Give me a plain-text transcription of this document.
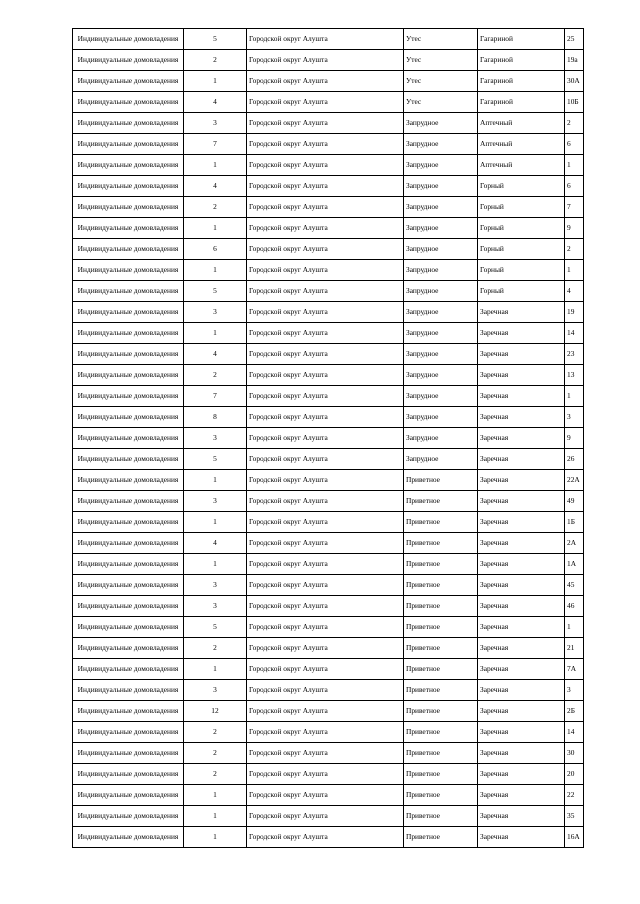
Индивидуальные домовладения	5	Городской округ Алушта	Утес	Гагариной	25
Индивидуальные домовладения	2	Городской округ Алушта	Утес	Гагариной	19а
Индивидуальные домовладения	1	Городской округ Алушта	Утес	Гагариной	30А
Индивидуальные домовладения	4	Городской округ Алушта	Утес	Гагариной	10Б
Индивидуальные домовладения	3	Городской округ Алушта	Запрудное	Аптечный	2
Индивидуальные домовладения	7	Городской округ Алушта	Запрудное	Аптечный	6
Индивидуальные домовладения	1	Городской округ Алушта	Запрудное	Аптечный	1
Индивидуальные домовладения	4	Городской округ Алушта	Запрудное	Горный	6
Индивидуальные домовладения	2	Городской округ Алушта	Запрудное	Горный	7
Индивидуальные домовладения	1	Городской округ Алушта	Запрудное	Горный	9
Индивидуальные домовладения	6	Городской округ Алушта	Запрудное	Горный	2
Индивидуальные домовладения	1	Городской округ Алушта	Запрудное	Горный	1
Индивидуальные домовладения	5	Городской округ Алушта	Запрудное	Горный	4
Индивидуальные домовладения	3	Городской округ Алушта	Запрудное	Заречная	19
Индивидуальные домовладения	1	Городской округ Алушта	Запрудное	Заречная	14
Индивидуальные домовладения	4	Городской округ Алушта	Запрудное	Заречная	23
Индивидуальные домовладения	2	Городской округ Алушта	Запрудное	Заречная	13
Индивидуальные домовладения	7	Городской округ Алушта	Запрудное	Заречная	1
Индивидуальные домовладения	8	Городской округ Алушта	Запрудное	Заречная	3
Индивидуальные домовладения	3	Городской округ Алушта	Запрудное	Заречная	9
Индивидуальные домовладения	5	Городской округ Алушта	Запрудное	Заречная	26
Индивидуальные домовладения	1	Городской округ Алушта	Приветное	Заречная	22А
Индивидуальные домовладения	3	Городской округ Алушта	Приветное	Заречная	49
Индивидуальные домовладения	1	Городской округ Алушта	Приветное	Заречная	1Б
Индивидуальные домовладения	4	Городской округ Алушта	Приветное	Заречная	2А
Индивидуальные домовладения	1	Городской округ Алушта	Приветное	Заречная	1А
Индивидуальные домовладения	3	Городской округ Алушта	Приветное	Заречная	45
Индивидуальные домовладения	3	Городской округ Алушта	Приветное	Заречная	46
Индивидуальные домовладения	5	Городской округ Алушта	Приветное	Заречная	1
Индивидуальные домовладения	2	Городской округ Алушта	Приветное	Заречная	21
Индивидуальные домовладения	1	Городской округ Алушта	Приветное	Заречная	7А
Индивидуальные домовладения	3	Городской округ Алушта	Приветное	Заречная	3
Индивидуальные домовладения	12	Городской округ Алушта	Приветное	Заречная	2Б
Индивидуальные домовладения	2	Городской округ Алушта	Приветное	Заречная	14
Индивидуальные домовладения	2	Городской округ Алушта	Приветное	Заречная	30
Индивидуальные домовладения	2	Городской округ Алушта	Приветное	Заречная	20
Индивидуальные домовладения	1	Городской округ Алушта	Приветное	Заречная	22
Индивидуальные домовладения	1	Городской округ Алушта	Приветное	Заречная	35
Индивидуальные домовладения	1	Городской округ Алушта	Приветное	Заречная	16А
